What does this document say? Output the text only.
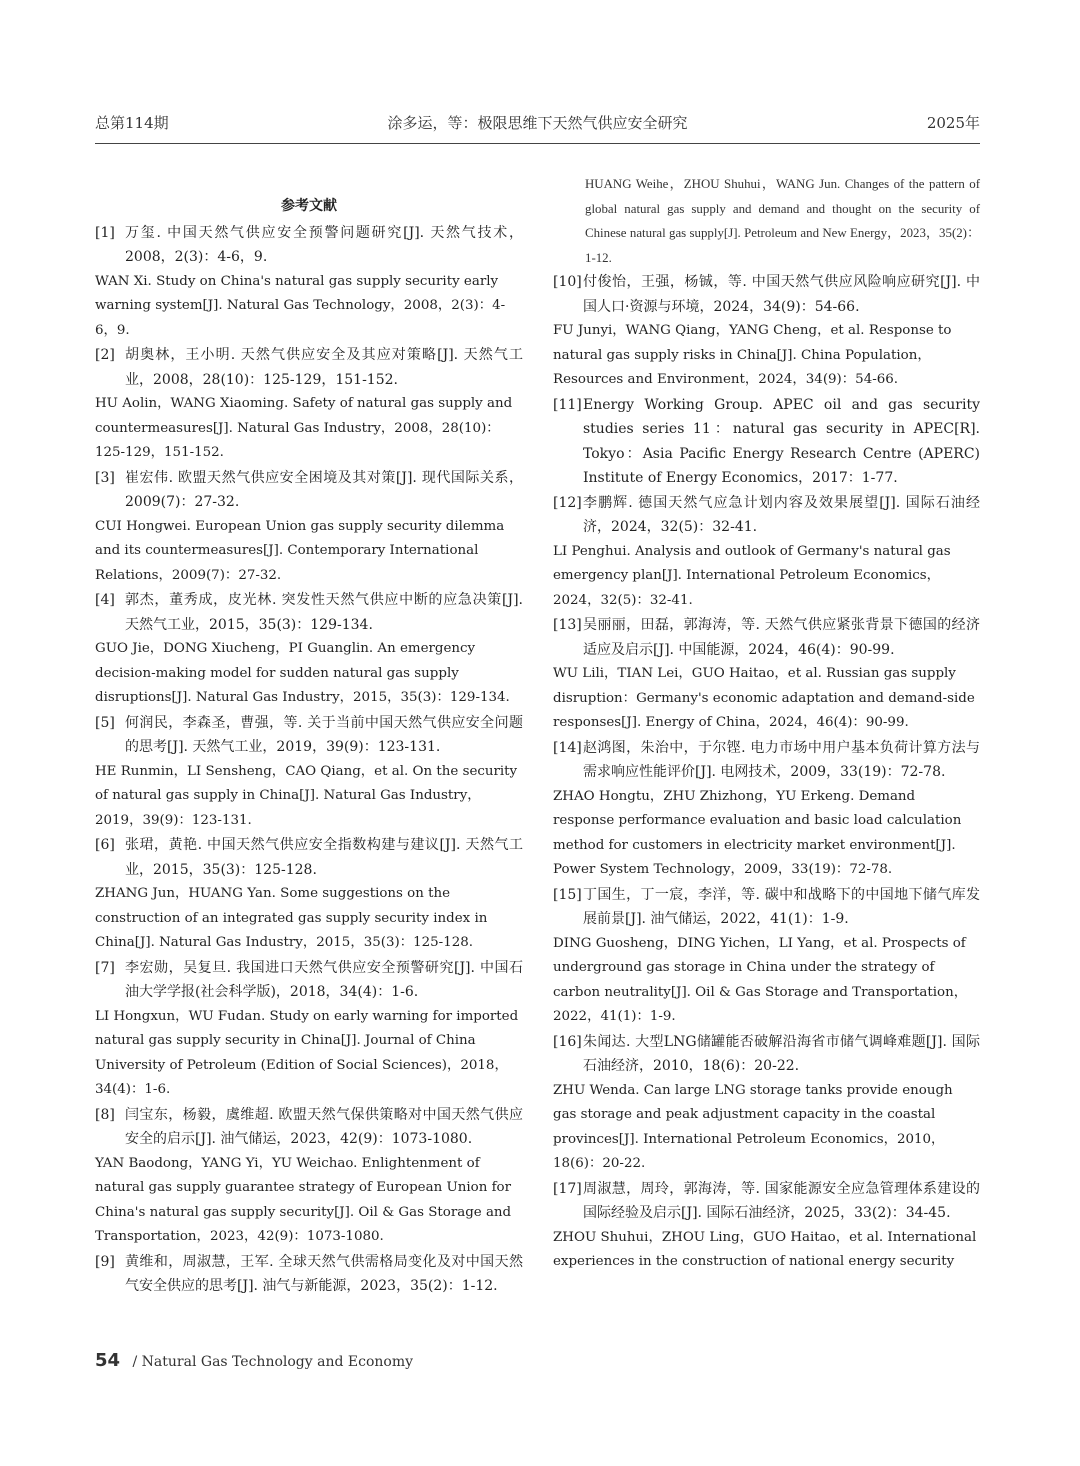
总第114期	涂多运，等：极限思维下天然气供应安全研究	2025年
参考文献
[1] 万玺. 中国天然气供应安全预警问题研究[J]. 天然气技术，2008，2(3)：4-6，9.
WAN Xi. Study on China's natural gas supply security early warning system[J]. Natural Gas Technology，2008，2(3)：4-6，9.
[2] 胡奥林，王小明. 天然气供应安全及其应对策略[J]. 天然气工业，2008，28(10)：125-129，151-152.
HU Aolin，WANG Xiaoming. Safety of natural gas supply and countermeasures[J]. Natural Gas Industry，2008，28(10)：125-129，151-152.
[3] 崔宏伟. 欧盟天然气供应安全困境及其对策[J]. 现代国际关系，2009(7)：27-32.
CUI Hongwei. European Union gas supply security dilemma and its countermeasures[J]. Contemporary International Relations，2009(7)：27-32.
[4] 郭杰，董秀成，皮光林. 突发性天然气供应中断的应急决策[J]. 天然气工业，2015，35(3)：129-134.
GUO Jie，DONG Xiucheng，PI Guanglin. An emergency decision-making model for sudden natural gas supply disruptions[J]. Natural Gas Industry，2015，35(3)：129-134.
[5] 何润民，李森圣，曹强，等. 关于当前中国天然气供应安全问题的思考[J]. 天然气工业，2019，39(9)：123-131.
HE Runmin，LI Sensheng，CAO Qiang，et al. On the security of natural gas supply in China[J]. Natural Gas Industry，2019，39(9)：123-131.
[6] 张珺，黄艳. 中国天然气供应安全指数构建与建议[J]. 天然气工业，2015，35(3)：125-128.
ZHANG Jun，HUANG Yan. Some suggestions on the construction of an integrated gas supply security index in China[J]. Natural Gas Industry，2015，35(3)：125-128.
[7] 李宏勋，吴复旦. 我国进口天然气供应安全预警研究[J]. 中国石油大学学报(社会科学版)，2018，34(4)：1-6.
LI Hongxun，WU Fudan. Study on early warning for imported natural gas supply security in China[J]. Journal of China University of Petroleum (Edition of Social Sciences)，2018，34(4)：1-6.
[8] 闫宝东，杨毅，虞维超. 欧盟天然气保供策略对中国天然气供应安全的启示[J]. 油气储运，2023，42(9)：1073-1080.
YAN Baodong，YANG Yi，YU Weichao. Enlightenment of natural gas supply guarantee strategy of European Union for China's natural gas supply security[J]. Oil & Gas Storage and Transportation，2023，42(9)：1073-1080.
[9] 黄维和，周淑慧，王军. 全球天然气供需格局变化及对中国天然气安全供应的思考[J]. 油气与新能源，2023，35(2)：1-12.
HUANG Weihe，ZHOU Shuhui，WANG Jun. Changes of the pattern of global natural gas supply and demand and thought on the security of Chinese natural gas supply[J]. Petroleum and New Energy，2023，35(2)：1-12.
[10] 付俊怡，王强，杨铖，等. 中国天然气供应风险响应研究[J]. 中国人口·资源与环境，2024，34(9)：54-66.
FU Junyi，WANG Qiang，YANG Cheng，et al. Response to natural gas supply risks in China[J]. China Population，Resources and Environment，2024，34(9)：54-66.
[11] Energy Working Group. APEC oil and gas security studies series 11：natural gas security in APEC[R]. Tokyo：Asia Pacific Energy Research Centre (APERC) Institute of Energy Economics，2017：1-77.
[12] 李鹏辉. 德国天然气应急计划内容及效果展望[J]. 国际石油经济，2024，32(5)：32-41.
LI Penghui. Analysis and outlook of Germany's natural gas emergency plan[J]. International Petroleum Economics，2024，32(5)：32-41.
[13] 吴丽丽，田磊，郭海涛，等. 天然气供应紧张背景下德国的经济适应及启示[J]. 中国能源，2024，46(4)：90-99.
WU Lili，TIAN Lei，GUO Haitao，et al. Russian gas supply disruption：Germany's economic adaptation and demand-side responses[J]. Energy of China，2024，46(4)：90-99.
[14] 赵鸿图，朱治中，于尔铿. 电力市场中用户基本负荷计算方法与需求响应性能评价[J]. 电网技术，2009，33(19)：72-78.
ZHAO Hongtu，ZHU Zhizhong，YU Erkeng. Demand response performance evaluation and basic load calculation method for customers in electricity market environment[J]. Power System Technology，2009，33(19)：72-78.
[15] 丁国生，丁一宸，李洋，等. 碳中和战略下的中国地下储气库发展前景[J]. 油气储运，2022，41(1)：1-9.
DING Guosheng，DING Yichen，LI Yang，et al. Prospects of underground gas storage in China under the strategy of carbon neutrality[J]. Oil & Gas Storage and Transportation，2022，41(1)：1-9.
[16] 朱闻达. 大型LNG储罐能否破解沿海省市储气调峰难题[J]. 国际石油经济，2010，18(6)：20-22.
ZHU Wenda. Can large LNG storage tanks provide enough gas storage and peak adjustment capacity in the coastal provinces[J]. International Petroleum Economics，2010，18(6)：20-22.
[17] 周淑慧，周玲，郭海涛，等. 国家能源安全应急管理体系建设的国际经验及启示[J]. 国际石油经济，2025，33(2)：34-45.
ZHOU Shuhui，ZHOU Ling，GUO Haitao，et al. International experiences in the construction of national energy security
54 / Natural Gas Technology and Economy
